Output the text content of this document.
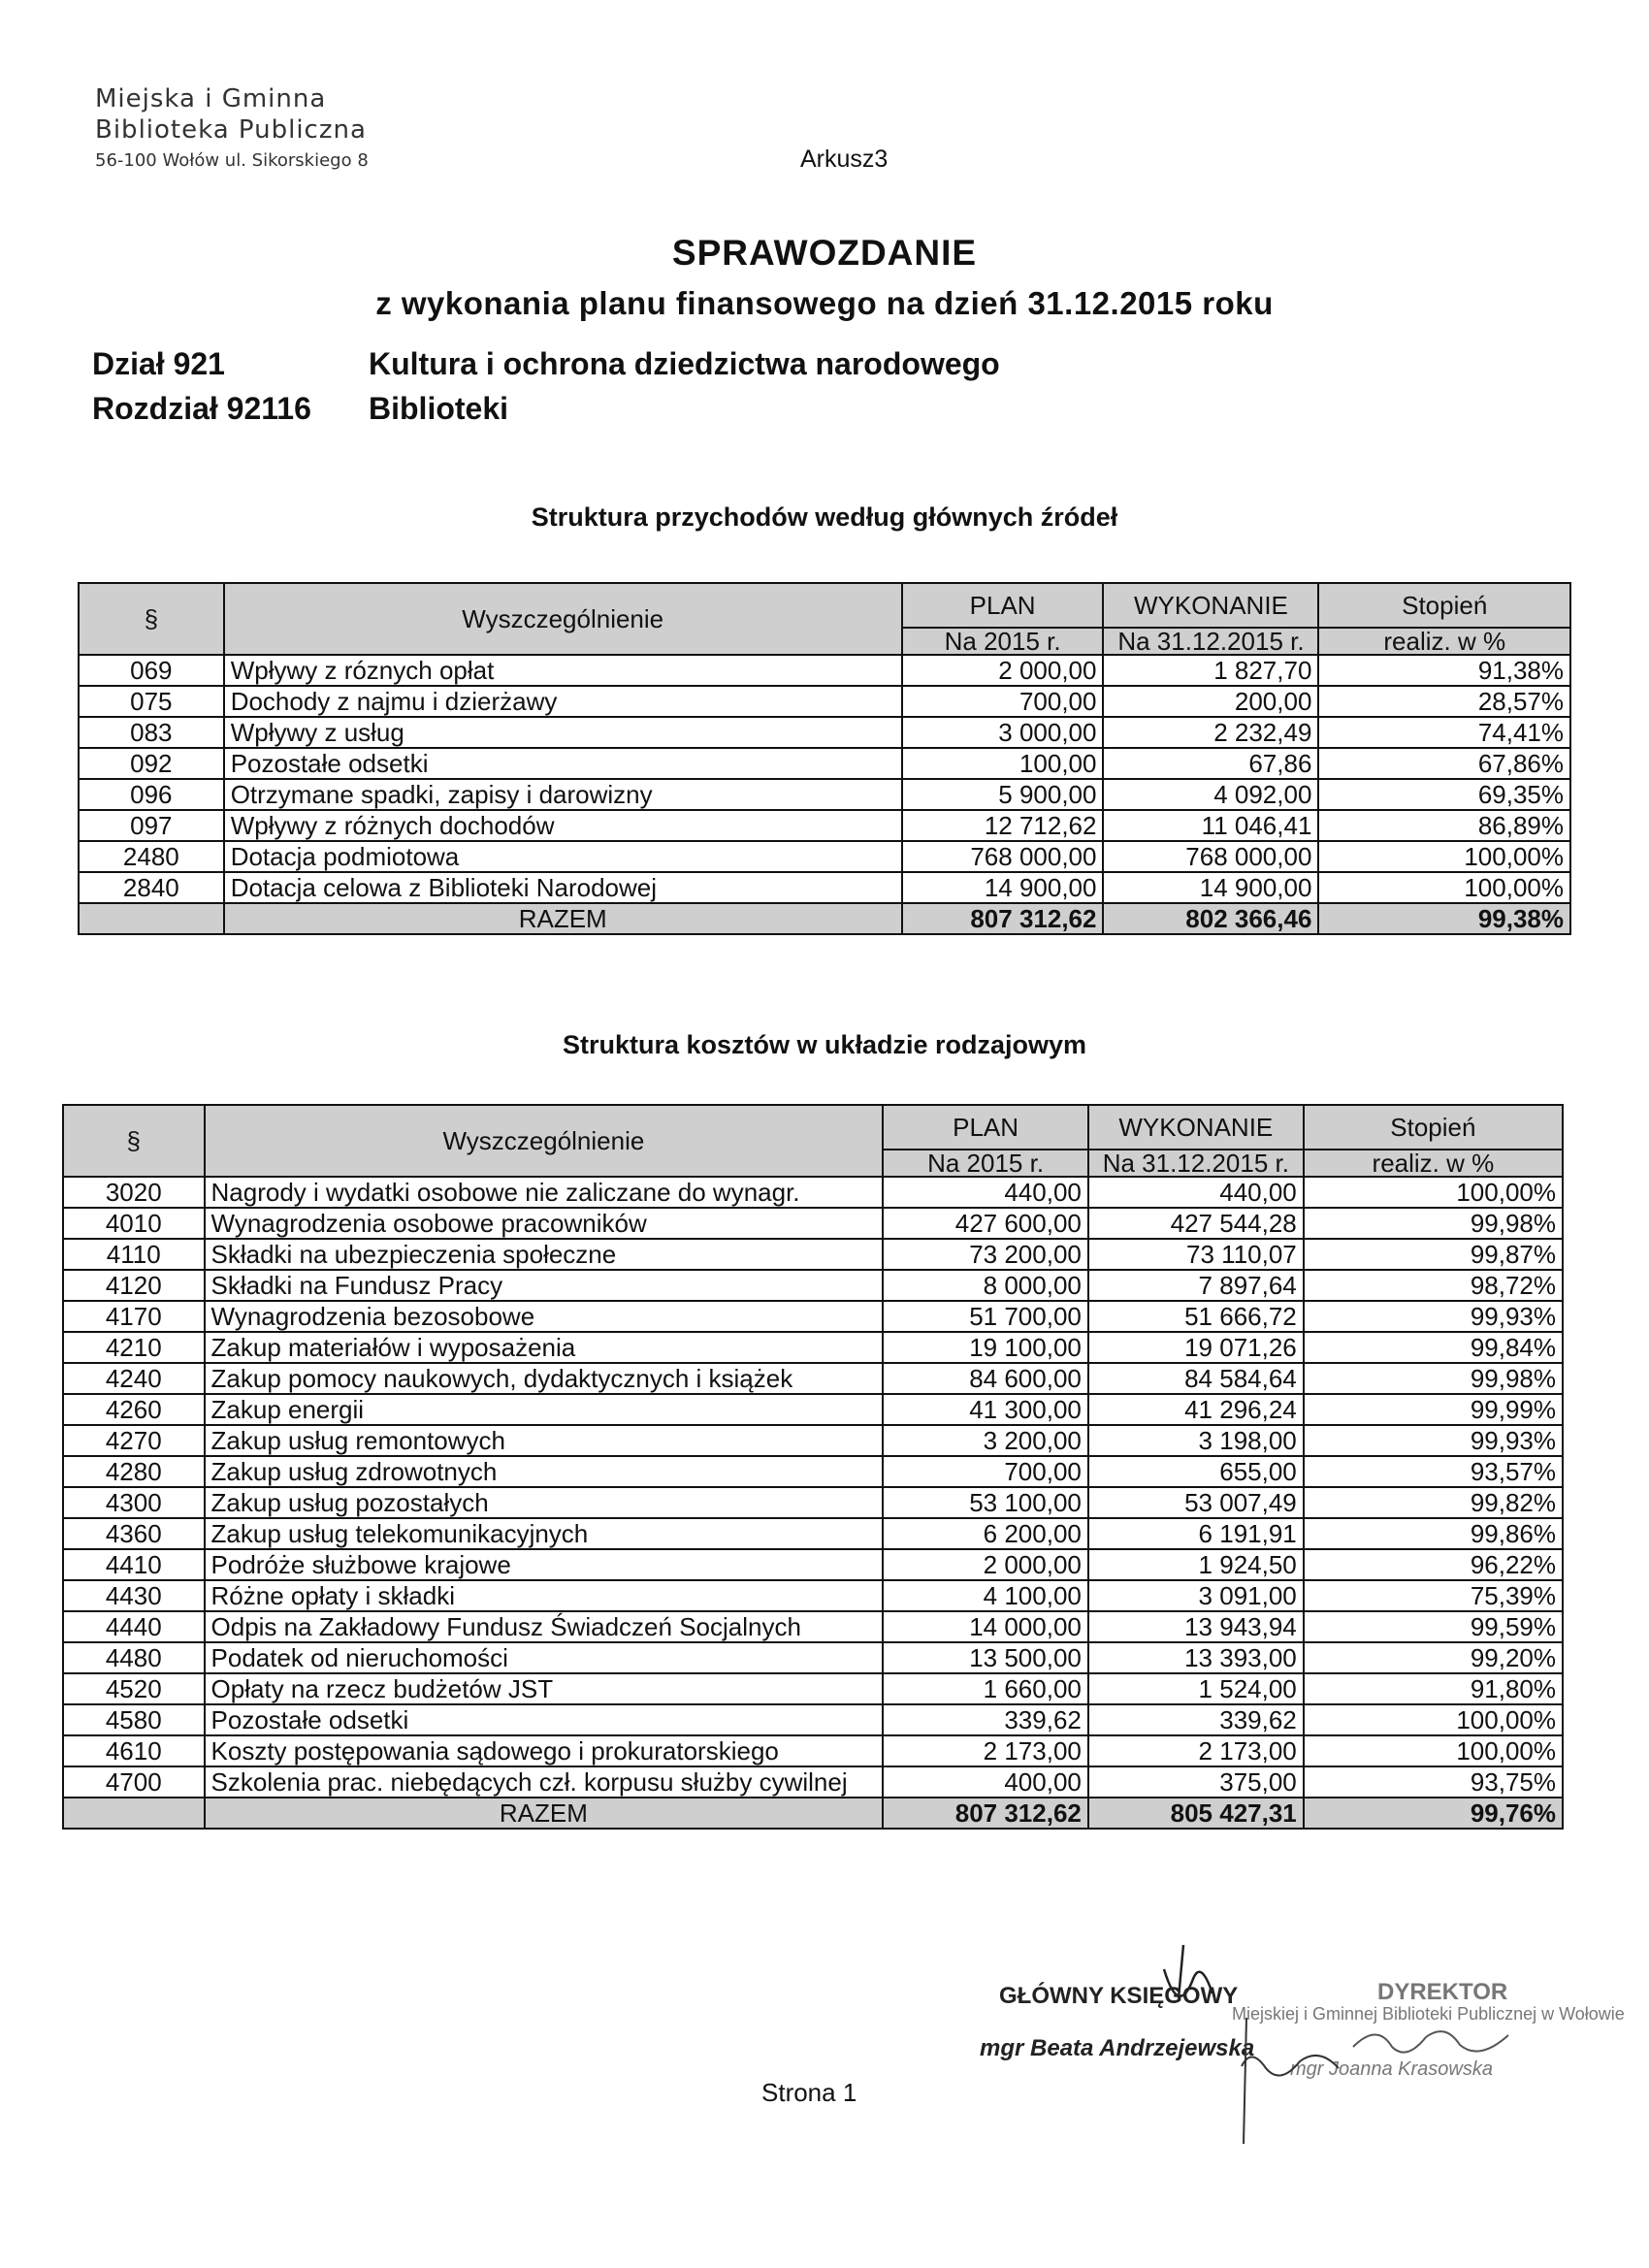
Miejska i Gminna
Biblioteka Publiczna
56-100 Wołów ul. Sikorskiego 8	Arkusz3
SPRAWOZDANIE
z wykonania planu finansowego na dzień 31.12.2015 roku
Dział 921
Rozdział 92116
Kultura i ochrona dziedzictwa narodowego
Biblioteki
Struktura przychodów według głównych źródeł
§	Wyszczególnienie	PLAN	WYKONANIE	Stopień
		Na 2015 r.	Na 31.12.2015 r.	realiz. w %
069	Wpływy z róznych opłat	2 000,00	1 827,70	91,38%
075	Dochody z najmu i dzierżawy	700,00	200,00	28,57%
083	Wpływy z usług	3 000,00	2 232,49	74,41%
092	Pozostałe odsetki	100,00	67,86	67,86%
096	Otrzymane spadki, zapisy i darowizny	5 900,00	4 092,00	69,35%
097	Wpływy z różnych dochodów	12 712,62	11 046,41	86,89%
2480	Dotacja podmiotowa	768 000,00	768 000,00	100,00%
2840	Dotacja celowa z Biblioteki Narodowej	14 900,00	14 900,00	100,00%
	RAZEM	807 312,62	802 366,46	99,38%
Struktura kosztów w układzie rodzajowym
§	Wyszczególnienie	PLAN	WYKONANIE	Stopień
		Na 2015 r.	Na 31.12.2015 r.	realiz. w %
3020	Nagrody i wydatki osobowe nie zaliczane do wynagr.	440,00	440,00	100,00%
4010	Wynagrodzenia osobowe pracowników	427 600,00	427 544,28	99,98%
4110	Składki na ubezpieczenia społeczne	73 200,00	73 110,07	99,87%
4120	Składki na Fundusz Pracy	8 000,00	7 897,64	98,72%
4170	Wynagrodzenia bezosobowe	51 700,00	51 666,72	99,93%
4210	Zakup materiałów i wyposażenia	19 100,00	19 071,26	99,84%
4240	Zakup pomocy naukowych, dydaktycznych i książek	84 600,00	84 584,64	99,98%
4260	Zakup energii	41 300,00	41 296,24	99,99%
4270	Zakup usług remontowych	3 200,00	3 198,00	99,93%
4280	Zakup usług zdrowotnych	700,00	655,00	93,57%
4300	Zakup usług pozostałych	53 100,00	53 007,49	99,82%
4360	Zakup usług telekomunikacyjnych	6 200,00	6 191,91	99,86%
4410	Podróże służbowe krajowe	2 000,00	1 924,50	96,22%
4430	Różne opłaty i składki	4 100,00	3 091,00	75,39%
4440	Odpis na Zakładowy Fundusz Świadczeń Socjalnych	14 000,00	13 943,94	99,59%
4480	Podatek od nieruchomości	13 500,00	13 393,00	99,20%
4520	Opłaty na rzecz budżetów JST	1 660,00	1 524,00	91,80%
4580	Pozostałe odsetki	339,62	339,62	100,00%
4610	Koszty postępowania sądowego i prokuratorskiego	2 173,00	2 173,00	100,00%
4700	Szkolenia prac. niebędących czł. korpusu służby cywilnej	400,00	375,00	93,75%
	RAZEM	807 312,62	805 427,31	99,76%
Strona 1
GŁÓWNY KSIĘGOWY
mgr Beata Andrzejewska
DYREKTOR
Miejskiej i Gminnej Biblioteki Publicznej w Wołowie
mgr Joanna Krasowska
